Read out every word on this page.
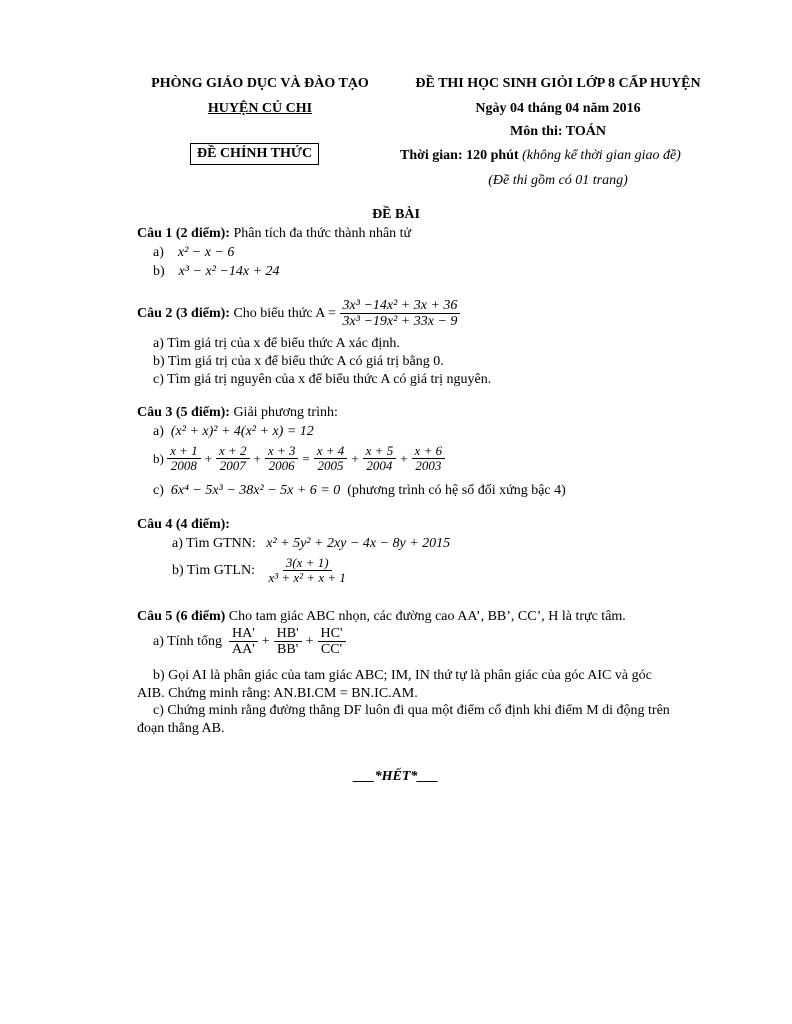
PHÒNG GIÁO DỤC VÀ ĐÀO TẠO
HUYỆN CỦ CHI
ĐỀ CHÍNH THỨC
ĐỀ THI HỌC SINH GIỎI LỚP 8 CẤP HUYỆN
Ngày 04 tháng 04 năm 2016
Môn thi: TOÁN
Thời gian: 120 phút (không kể thời gian giao đề)
(Đề thi gồm có 01 trang)
ĐỀ BÀI
Câu 1 (2 điểm): Phân tích đa thức thành nhân tử
a) x² − x − 6
b) x³ − x² −14x + 24
Câu 2 (3 điểm):
Cho biểu thức A =
$\frac{\text{3x³ −14x² + 3x + 36}}{\text{3x³ −19x² + 33x − 9}}$
a) Tìm giá trị của x để biểu thức A xác định.
b) Tìm giá trị của x để biểu thức A có giá trị bằng 0.
c) Tìm giá trị nguyên của x để biểu thức A có giá trị nguyên.
Câu 3 (5 điểm): Giải phương trình:
a) (x² + x)² + 4(x² + x) = 12
b)
$\frac{x + 1}{2008} + \frac{x + 2}{2007} + \frac{x + 3}{2006} = \frac{x + 4}{2005} + \frac{x + 5}{2004} + \frac{x + 6}{2003}$
c) 6x⁴ − 5x³ − 38x² − 5x + 6 = 0 (phương trình có hệ số đối xứng bậc 4)
Câu 4 (4 điểm):
a) Tìm GTNN: x² + 5y² + 2xy − 4x − 8y + 2015
b) Tìm GTLN:
$\frac{3(x + 1)}{\text{x³ + x² + x + 1}}$
Câu 5 (6 điểm) Cho tam giác ABC nhọn, các đường cao AA’, BB’, CC’, H là trực tâm.
a) Tính tổng
$\frac{HA'}{AA'} + \frac{HB'}{BB'} + \frac{HC'}{CC'}$
b) Gọi AI là phân giác của tam giác ABC; IM, IN thứ tự là phân giác của góc AIC và góc
AIB. Chứng minh rằng: AN.BI.CM = BN.IC.AM.
c) Chứng minh rằng đường thẳng DF luôn đi qua một điểm cố định khi điểm M di động trên
đoạn thẳng AB.
___*HẾT*___
